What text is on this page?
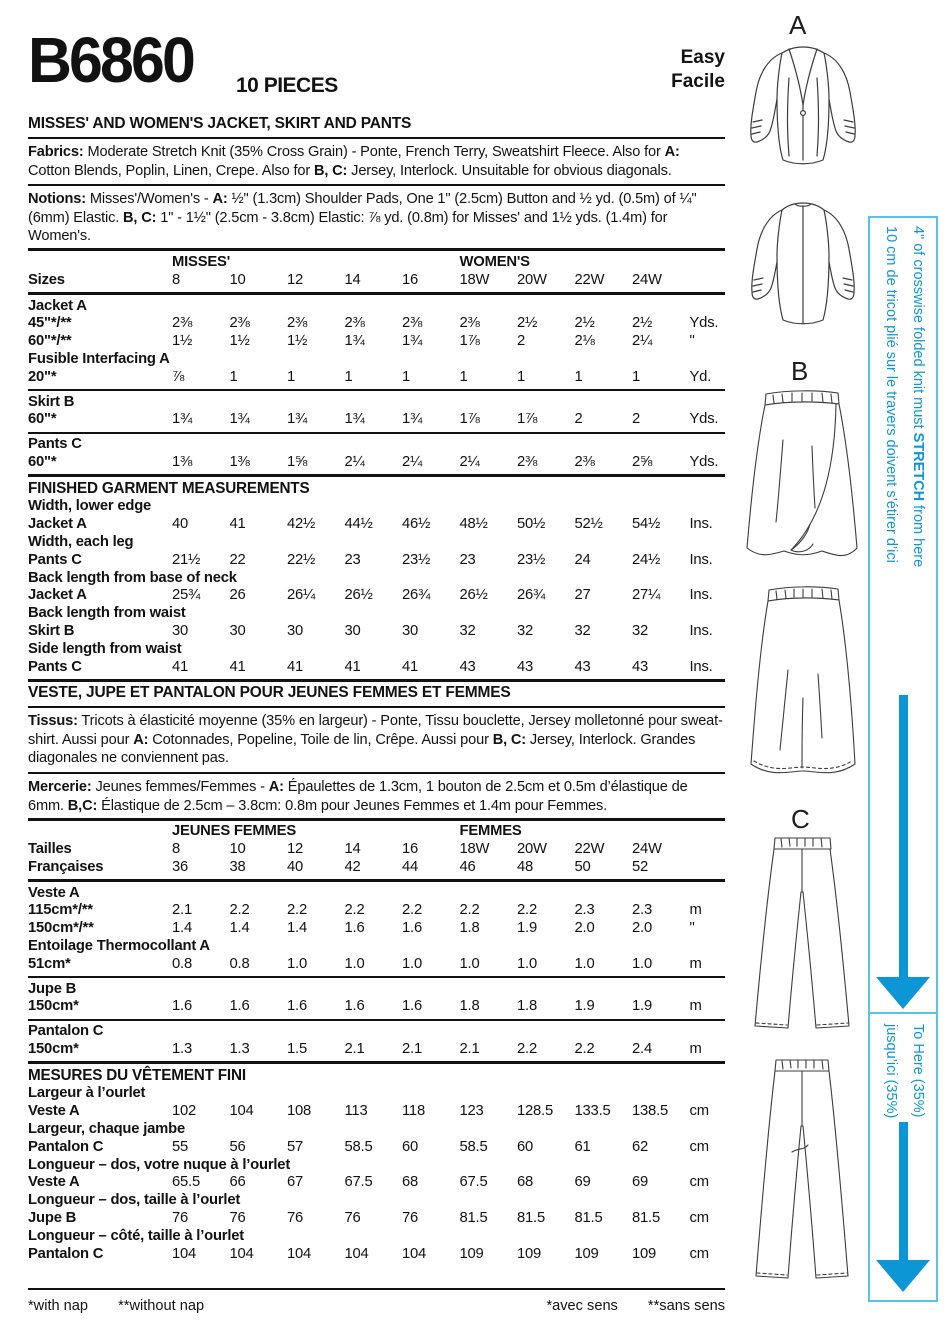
B6860 10 PIECES
Easy
Facile
MISSES' AND WOMEN'S JACKET, SKIRT AND PANTS
Fabrics: Moderate Stretch Knit (35% Cross Grain) - Ponte, French Terry, Sweatshirt Fleece. Also for A: Cotton Blends, Poplin, Linen, Crepe. Also for B, C: Jersey, Interlock. Unsuitable for obvious diagonals.
Notions: Misses'/Women's - A: ½" (1.3cm) Shoulder Pads, One 1" (2.5cm) Button and ½ yd. (0.5m) of ¼" (6mm) Elastic. B, C: 1" - 1½" (2.5cm - 3.8cm) Elastic: ⅞ yd. (0.8m) for Misses' and 1½ yds. (1.4m) for Women's.
MISSES'	WOMEN'S
Sizes	8	10	12	14	16	18W	20W	22W	24W
Jacket A
45"*/**	2⅜	2⅜	2⅜	2⅜	2⅜	2⅜	2½	2½	2½	Yds.
60"*/**	1½	1½	1½	1¾	1¾	1⅞	2	2⅛	2¼	"
Fusible Interfacing A
20"*	⅞	1	1	1	1	1	1	1	1	Yd.
Skirt B
60"*	1¾	1¾	1¾	1¾	1¾	1⅞	1⅞	2	2	Yds.
Pants C
60"*	1⅜	1⅜	1⅝	2¼	2¼	2¼	2⅜	2⅜	2⅝	Yds.
FINISHED GARMENT MEASUREMENTS
Width, lower edge
Jacket A	40	41	42½	44½	46½	48½	50½	52½	54½	Ins.
Width, each leg
Pants C	21½	22	22½	23	23½	23	23½	24	24½	Ins.
Back length from base of neck
Jacket A	25¾	26	26¼	26½	26¾	26½	26¾	27	27¼	Ins.
Back length from waist
Skirt B	30	30	30	30	30	32	32	32	32	Ins.
Side length from waist
Pants C	41	41	41	41	41	43	43	43	43	Ins.
VESTE, JUPE ET PANTALON POUR JEUNES FEMMES ET FEMMES
Tissus: Tricots à élasticité moyenne (35% en largeur) - Ponte, Tissu bouclette, Jersey molletonné pour sweat-shirt. Aussi pour A: Cotonnades, Popeline, Toile de lin, Crêpe. Aussi pour B, C: Jersey, Interlock. Grandes diagonales ne conviennent pas.
Mercerie: Jeunes femmes/Femmes - A: Épaulettes de 1.3cm, 1 bouton de 2.5cm et 0.5m d’élastique de 6mm. B,C: Élastique de 2.5cm – 3.8cm: 0.8m pour Jeunes Femmes et 1.4m pour Femmes.
JEUNES FEMMES	FEMMES
Tailles	8	10	12	14	16	18W	20W	22W	24W
Françaises	36	38	40	42	44	46	48	50	52
Veste A
115cm*/**	2.1	2.2	2.2	2.2	2.2	2.2	2.2	2.3	2.3	m
150cm*/**	1.4	1.4	1.4	1.6	1.6	1.8	1.9	2.0	2.0	"
Entoilage Thermocollant A
51cm*	0.8	0.8	1.0	1.0	1.0	1.0	1.0	1.0	1.0	m
Jupe B
150cm*	1.6	1.6	1.6	1.6	1.6	1.8	1.8	1.9	1.9	m
Pantalon C
150cm*	1.3	1.3	1.5	2.1	2.1	2.1	2.2	2.2	2.4	m
MESURES DU VÊTEMENT FINI
Largeur à l’ourlet
Veste A	102	104	108	113	118	123	128.5	133.5	138.5	cm
Largeur, chaque jambe
Pantalon C	55	56	57	58.5	60	58.5	60	61	62	cm
Longueur – dos, votre nuque à l’ourlet
Veste A	65.5	66	67	67.5	68	67.5	68	69	69	cm
Longueur – dos, taille à l’ourlet
Jupe B	76	76	76	76	76	81.5	81.5	81.5	81.5	cm
Longueur – côté, taille à l’ourlet
Pantalon C	104	104	104	104	104	109	109	109	109	cm
*with nap **without nap	*avec sens **sans sens
A
B
C
4" of crosswise folded knit must STRETCH from here
10 cm de tricot plié sur le travers doivent s’étirer d’ici
To Here (35%)
jusqu’ici (35%)
